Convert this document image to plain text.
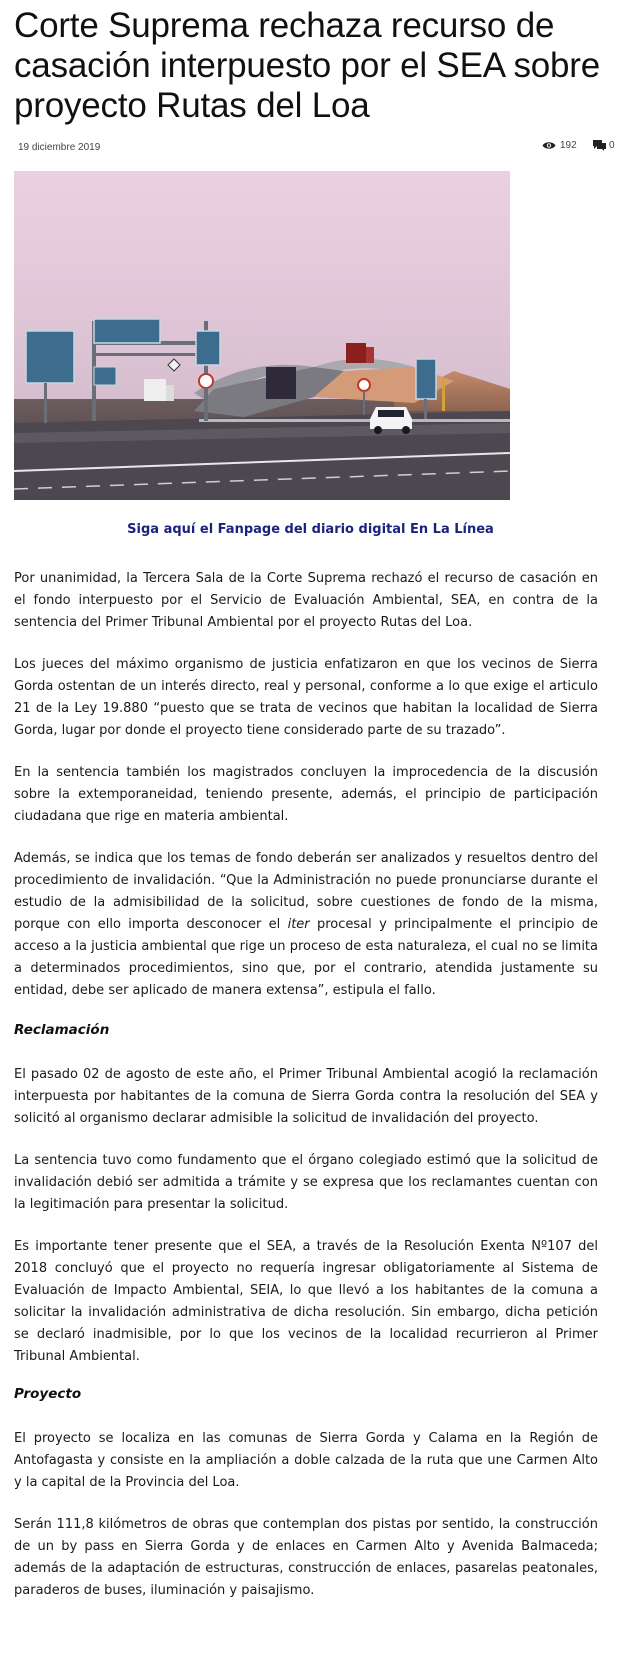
Corte Suprema rechaza recurso de casación interpuesto por el SEA sobre proyecto Rutas del Loa
19 diciembre 2019	192	0
Siga aquí el Fanpage del diario digital En La Línea

Por unanimidad, la Tercera Sala de la Corte Suprema rechazó el recurso de casación en el fondo interpuesto por el Servicio de Evaluación Ambiental, SEA, en contra de la sentencia del Primer Tribunal Ambiental por el proyecto Rutas del Loa.

Los jueces del máximo organismo de justicia enfatizaron en que los vecinos de Sierra Gorda ostentan de un interés directo, real y personal, conforme a lo que exige el articulo 21 de la Ley 19.880 “puesto que se trata de vecinos que habitan la localidad de Sierra Gorda, lugar por donde el proyecto tiene considerado parte de su trazado”.

En la sentencia también los magistrados concluyen la improcedencia de la discusión sobre la extemporaneidad, teniendo presente, además, el principio de participación ciudadana que rige en materia ambiental.

Además, se indica que los temas de fondo deberán ser analizados y resueltos dentro del procedimiento de invalidación. “Que la Administración no puede pronunciarse durante el estudio de la admisibilidad de la solicitud, sobre cuestiones de fondo de la misma, porque con ello importa desconocer el iter procesal y principalmente el principio de acceso a la justicia ambiental que rige un proceso de esta naturaleza, el cual no se limita a determinados procedimientos, sino que, por el contrario, atendida justamente su entidad, debe ser aplicado de manera extensa”, estipula el fallo.

Reclamación

El pasado 02 de agosto de este año, el Primer Tribunal Ambiental acogió la reclamación interpuesta por habitantes de la comuna de Sierra Gorda contra la resolución del SEA y solicitó al organismo declarar admisible la solicitud de invalidación del proyecto.

La sentencia tuvo como fundamento que el órgano colegiado estimó que la solicitud de invalidación debió ser admitida a trámite y se expresa que los reclamantes cuentan con la legitimación para presentar la solicitud.

Es importante tener presente que el SEA, a través de la Resolución Exenta Nº107 del 2018 concluyó que el proyecto no requería ingresar obligatoriamente al Sistema de Evaluación de Impacto Ambiental, SEIA, lo que llevó a los habitantes de la comuna a solicitar la invalidación administrativa de dicha resolución. Sin embargo, dicha petición se declaró inadmisible, por lo que los vecinos de la localidad recurrieron al Primer Tribunal Ambiental.

Proyecto

El proyecto se localiza en las comunas de Sierra Gorda y Calama en la Región de Antofagasta y consiste en la ampliación a doble calzada de la ruta que une Carmen Alto y la capital de la Provincia del Loa.

Serán 111,8 kilómetros de obras que contemplan dos pistas por sentido, la construcción de un by pass en Sierra Gorda y de enlaces en Carmen Alto y Avenida Balmaceda; además de la adaptación de estructuras, construcción de enlaces, pasarelas peatonales, paraderos de buses, iluminación y paisajismo.
